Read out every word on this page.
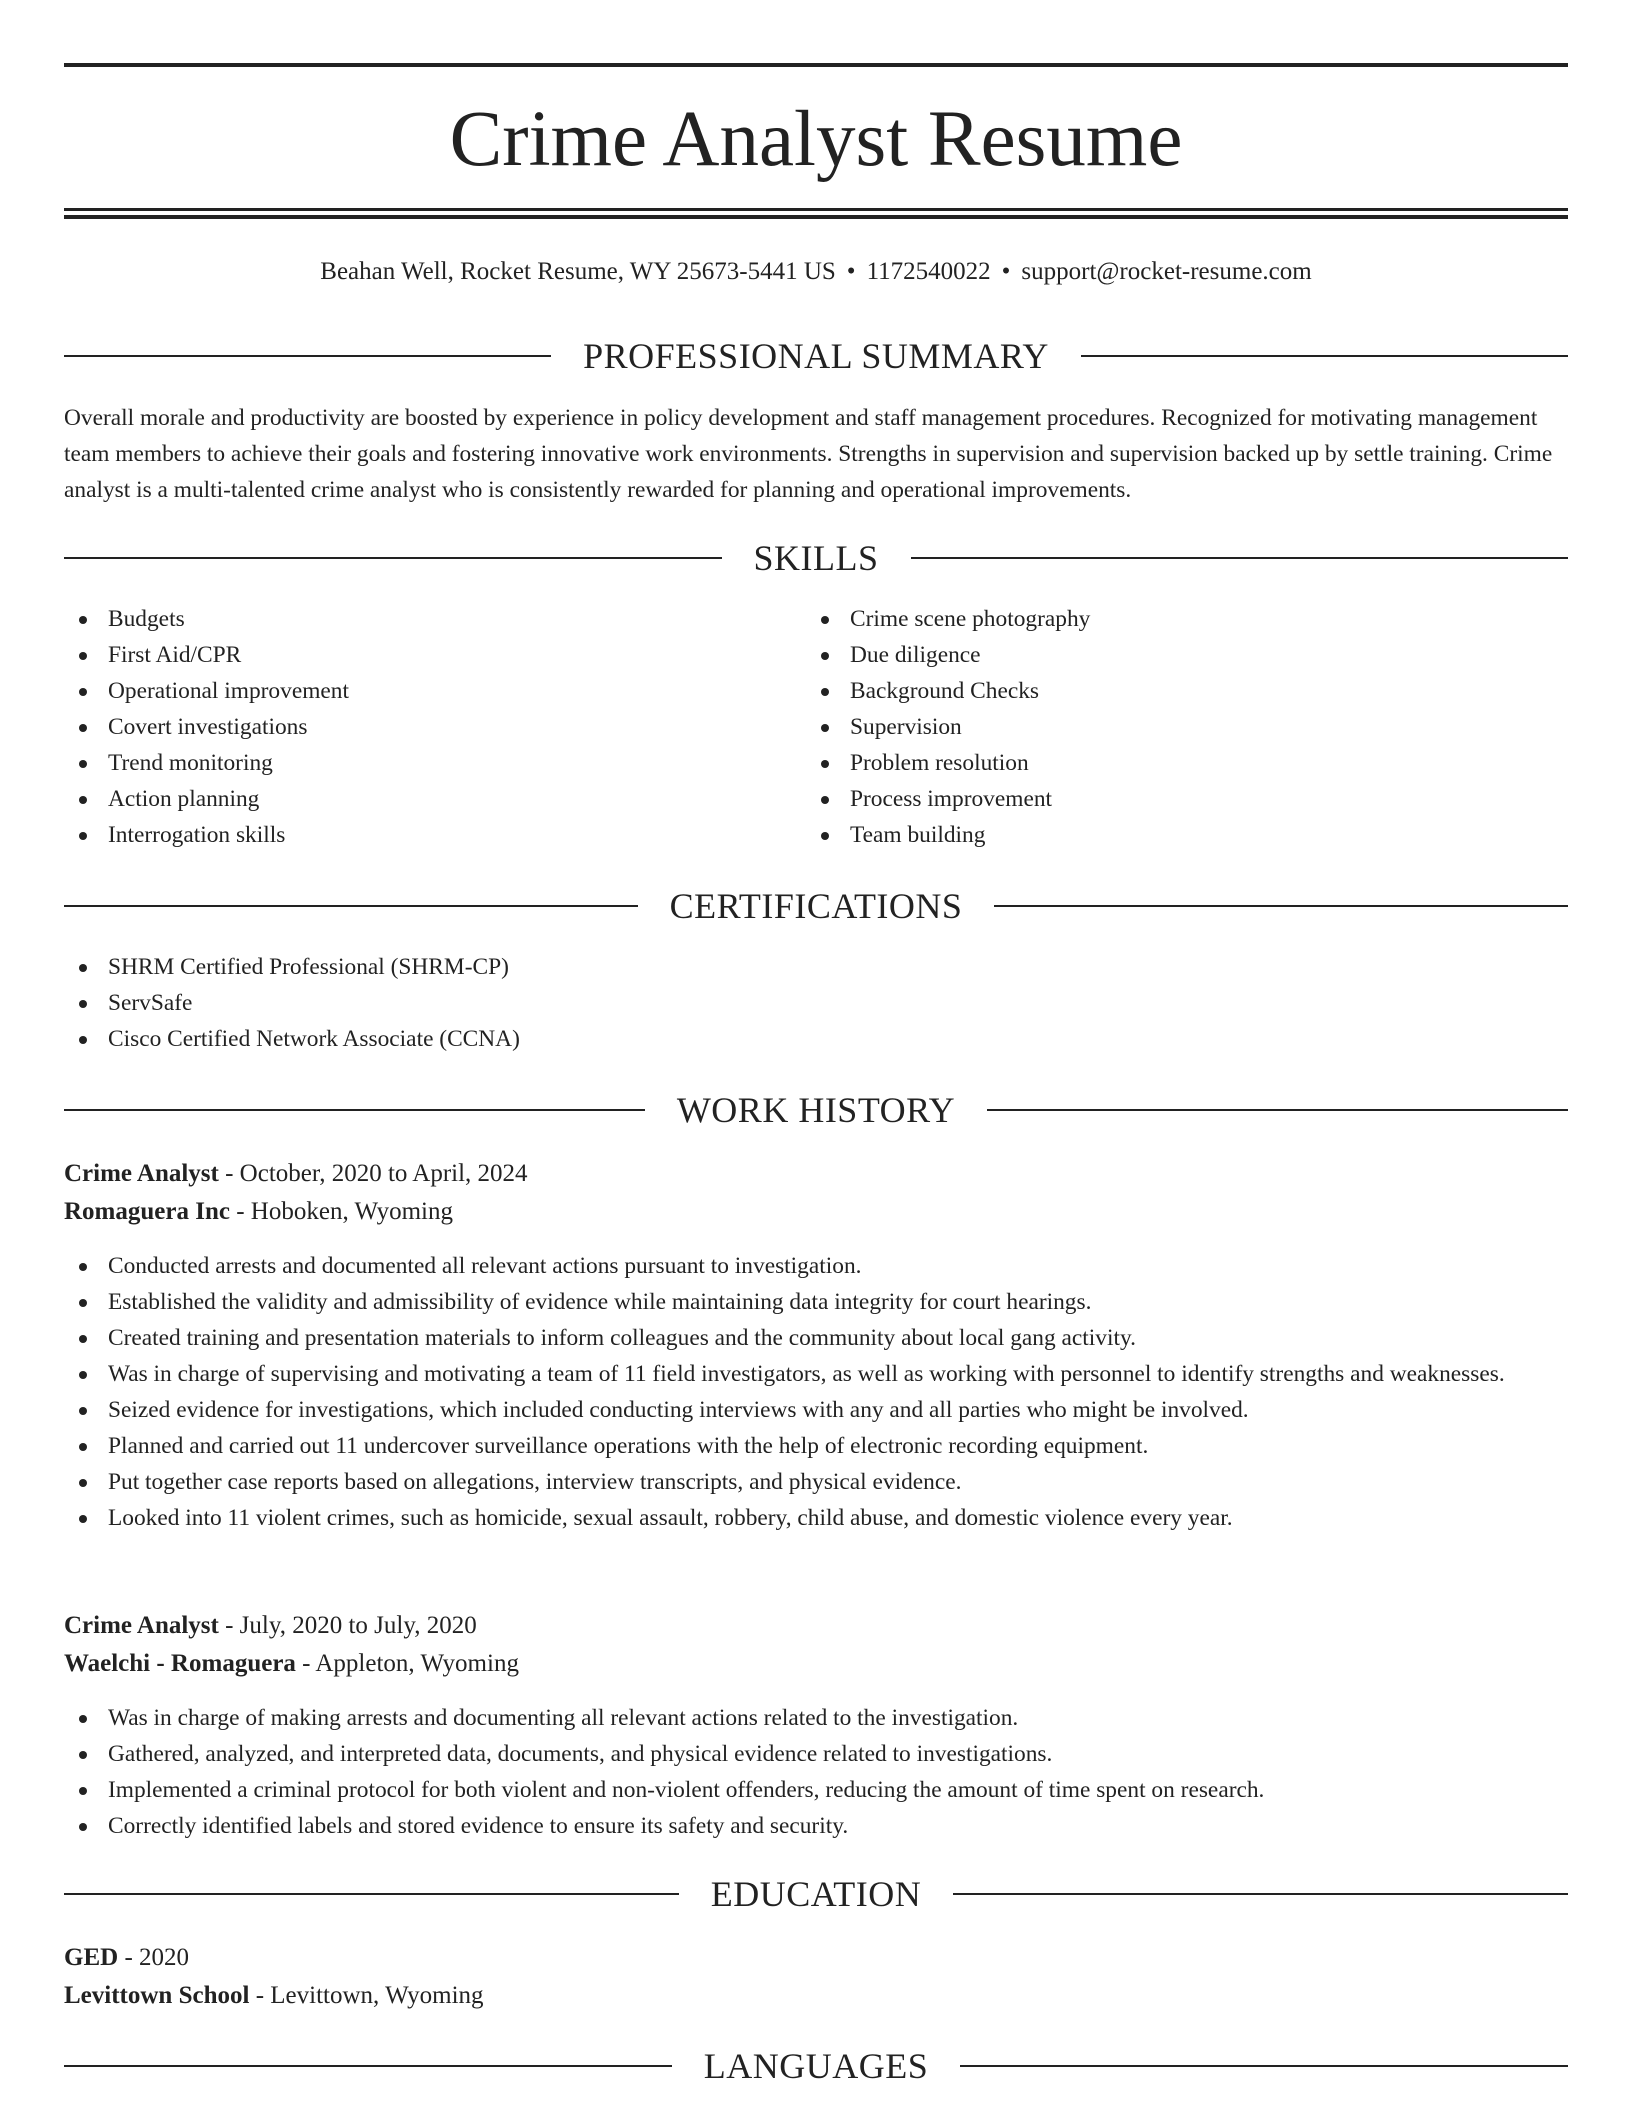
Crime Analyst Resume
Beahan Well, Rocket Resume, WY 25673-5441 US • 1172540022 • support@rocket-resume.com
PROFESSIONAL SUMMARY

Overall morale and productivity are boosted by experience in policy development and staff management procedures. Recognized for motivating management team members to achieve their goals and fostering innovative work environments. Strengths in supervision and supervision backed up by settle training. Crime analyst is a multi-talented crime analyst who is consistently rewarded for planning and operational improvements.

SKILLS
Budgets
First Aid/CPR
Operational improvement
Covert investigations
Trend monitoring
Action planning
Interrogation skills
Crime scene photography
Due diligence
Background Checks
Supervision
Problem resolution
Process improvement
Team building
CERTIFICATIONS
SHRM Certified Professional (SHRM-CP)
ServSafe
Cisco Certified Network Associate (CCNA)
WORK HISTORY
Crime Analyst - October, 2020 to April, 2024
Romaguera Inc - Hoboken, Wyoming
Conducted arrests and documented all relevant actions pursuant to investigation.
Established the validity and admissibility of evidence while maintaining data integrity for court hearings.
Created training and presentation materials to inform colleagues and the community about local gang activity.
Was in charge of supervising and motivating a team of 11 field investigators, as well as working with personnel to identify strengths and weaknesses.
Seized evidence for investigations, which included conducting interviews with any and all parties who might be involved.
Planned and carried out 11 undercover surveillance operations with the help of electronic recording equipment.
Put together case reports based on allegations, interview transcripts, and physical evidence.
Looked into 11 violent crimes, such as homicide, sexual assault, robbery, child abuse, and domestic violence every year.
Crime Analyst - July, 2020 to July, 2020
Waelchi - Romaguera - Appleton, Wyoming
Was in charge of making arrests and documenting all relevant actions related to the investigation.
Gathered, analyzed, and interpreted data, documents, and physical evidence related to investigations.
Implemented a criminal protocol for both violent and non-violent offenders, reducing the amount of time spent on research.
Correctly identified labels and stored evidence to ensure its safety and security.
EDUCATION
GED - 2020
Levittown School - Levittown, Wyoming
LANGUAGES
